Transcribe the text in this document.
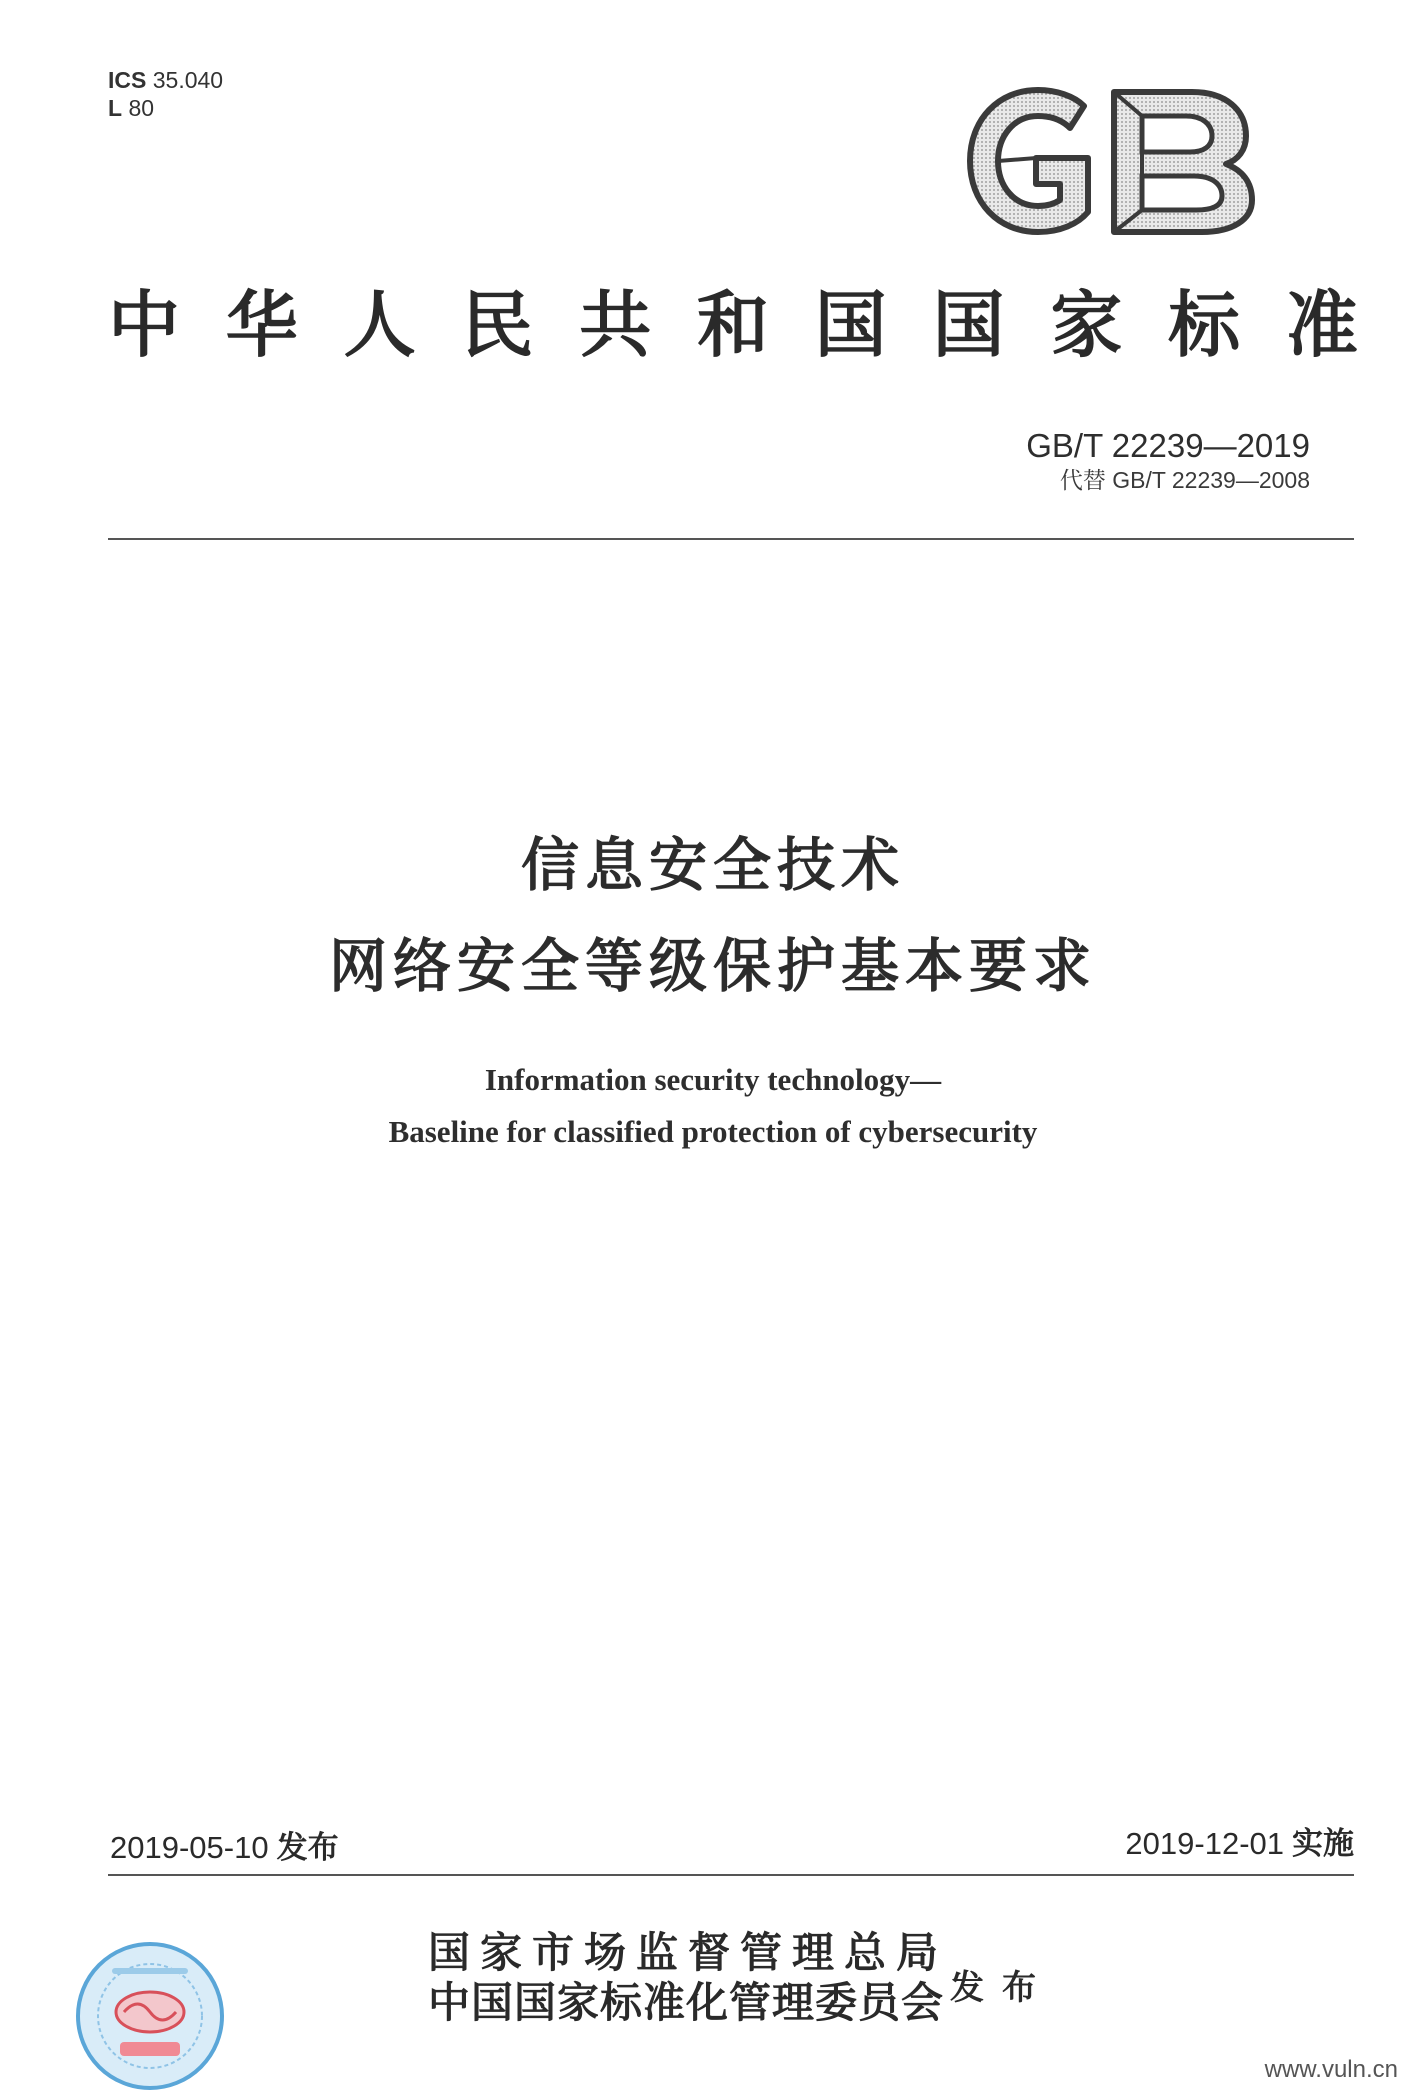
ICS 35.040
L 80
中 华 人 民 共 和 国 国 家 标 准
GB/T 22239—2019
代替 GB/T 22239—2008
信息安全技术
网络安全等级保护基本要求
Information security technology—
Baseline for classified protection of cybersecurity
2019-05-10 发布	2019-12-01 实施
国家市场监督管理总局
中国国家标准化管理委员会 发布
www.vuln.cn
